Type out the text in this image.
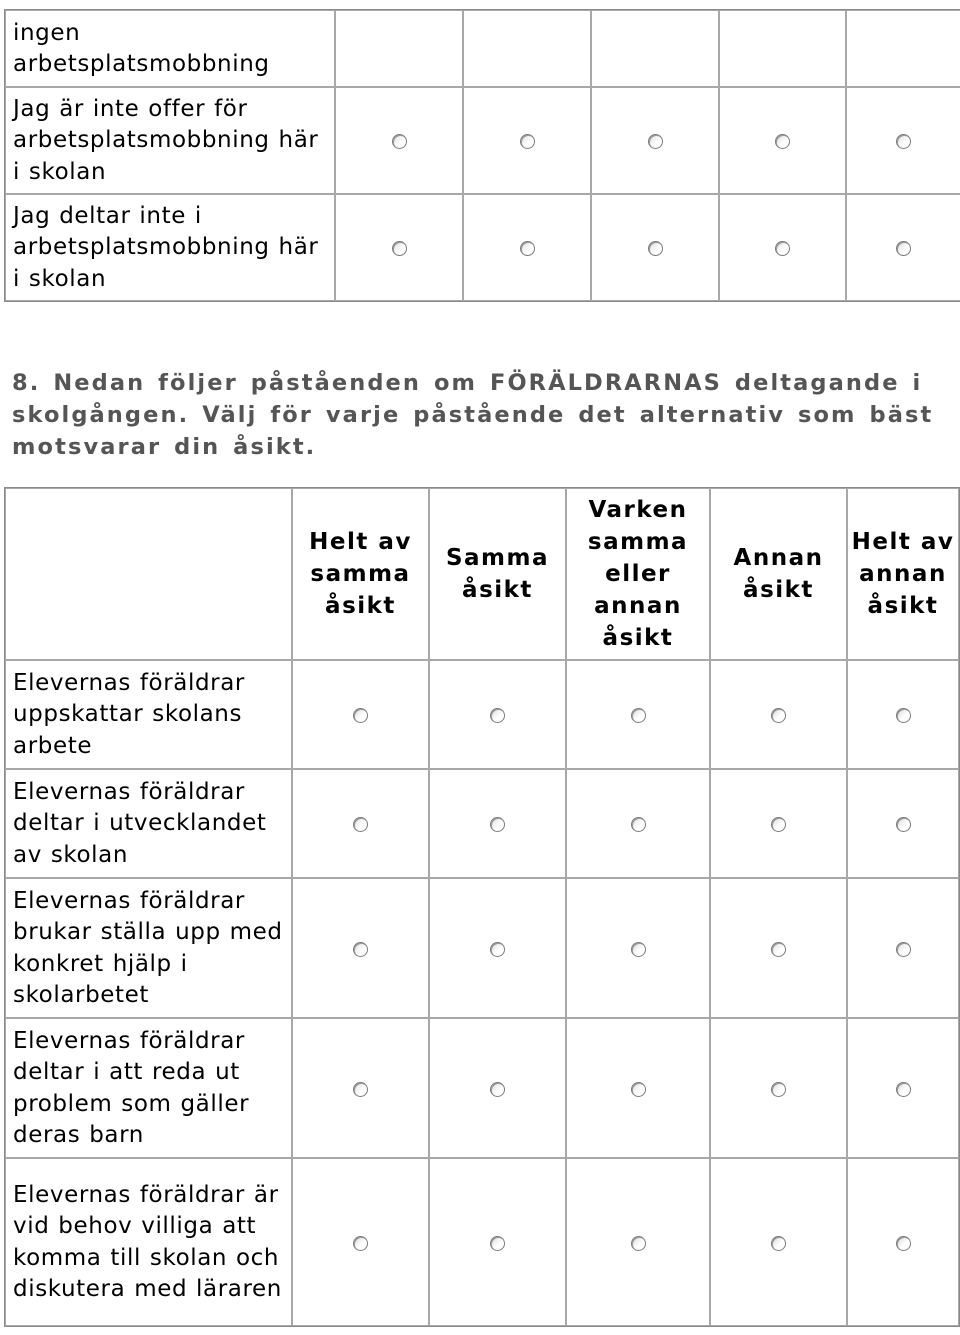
ingen arbetsplatsmobbning					
Jag är inte offer för arbetsplatsmobbning här i skolan					
Jag deltar inte i arbetsplatsmobbning här i skolan					
8. Nedan följer påståenden om FÖRÄLDRARNAS deltagande i skolgången. Välj för varje påstående det alternativ som bäst motsvarar din åsikt.
	Helt av samma åsikt	Samma åsikt	Varken samma eller annan åsikt	Annan åsikt	Helt av annan åsikt
Elevernas föräldrar uppskattar skolans arbete					
Elevernas föräldrar deltar i utvecklandet av skolan					
Elevernas föräldrar brukar ställa upp med konkret hjälp i skolarbetet					
Elevernas föräldrar deltar i att reda ut problem som gäller deras barn					
Elevernas föräldrar är vid behov villiga att komma till skolan och diskutera med läraren					
